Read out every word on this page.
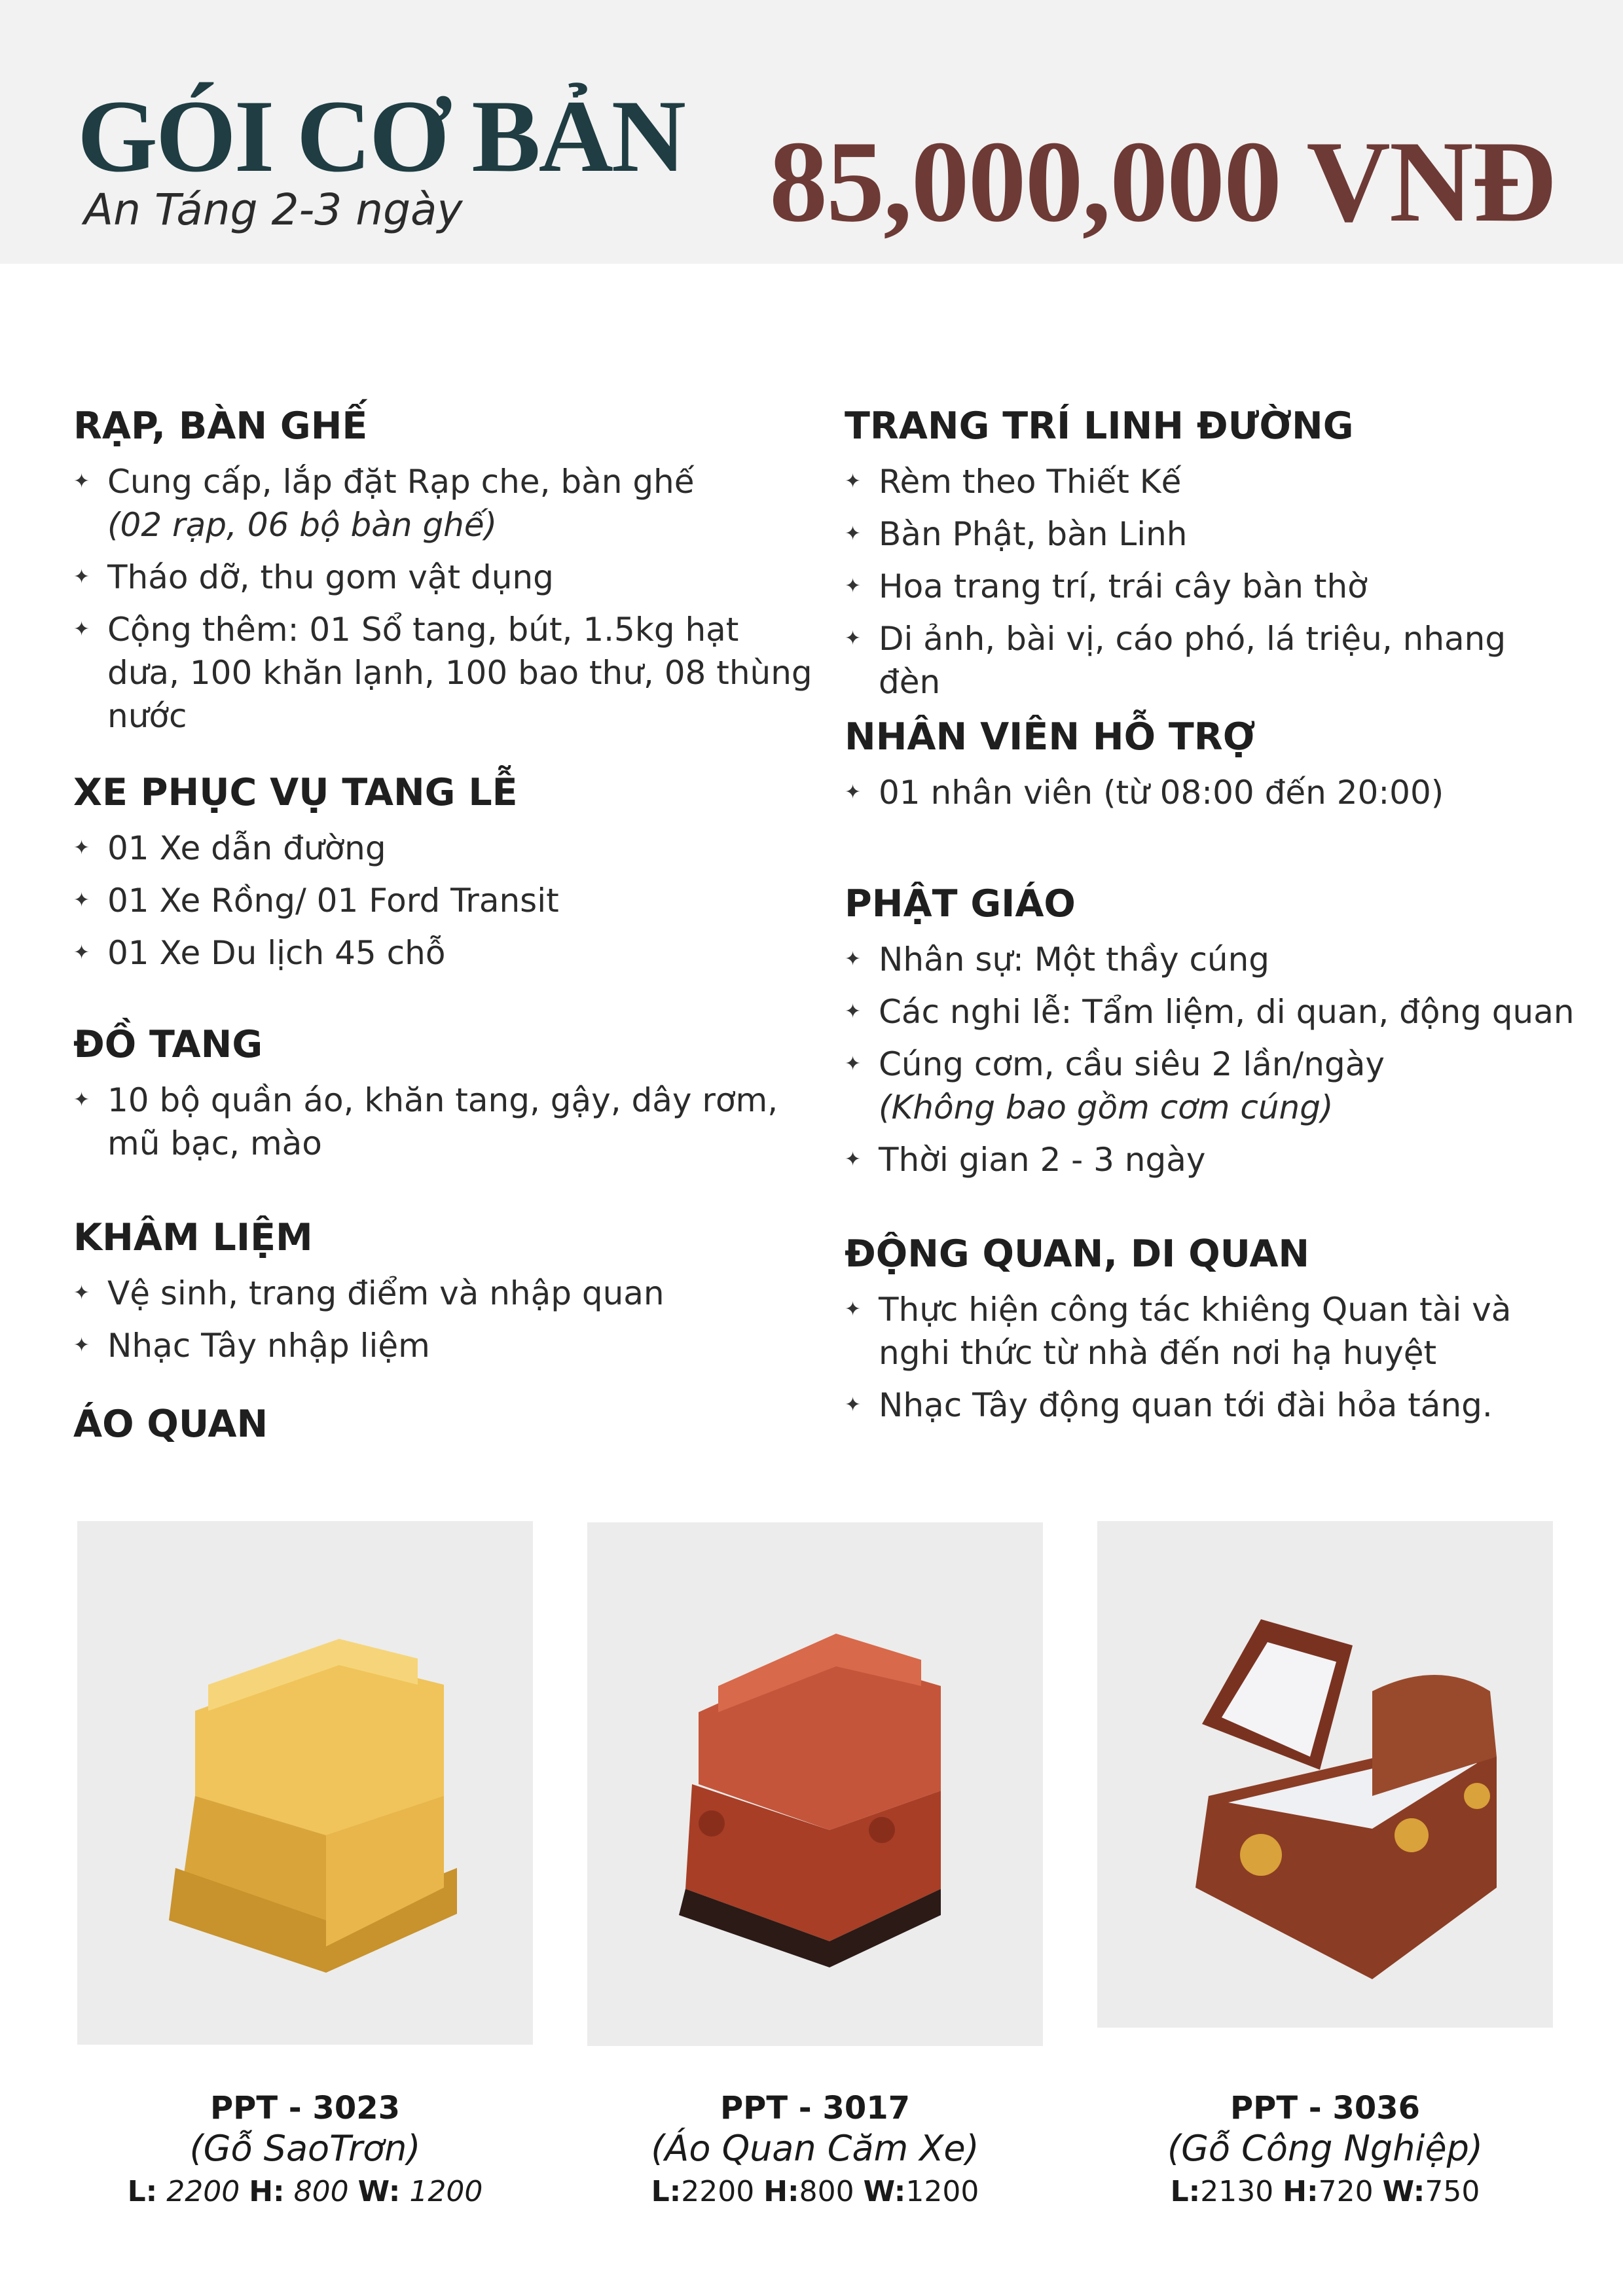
GÓI CƠ BẢN
An Táng 2-3 ngày	85,000,000 VNĐ
RẠP, BÀN GHẾ
✦ Cung cấp, lắp đặt Rạp che, bàn ghế
(02 rạp, 06 bộ bàn ghế)
✦ Tháo dỡ, thu gom vật dụng
✦ Cộng thêm: 01 Sổ tang, bút, 1.5kg hạt dưa, 100 khăn lạnh, 100 bao thư, 08 thùng nước
XE PHỤC VỤ TANG LỄ
✦ 01 Xe dẫn đường
✦ 01 Xe Rồng/ 01 Ford Transit
✦ 01 Xe Du lịch 45 chỗ
ĐỒ TANG
✦ 10 bộ quần áo, khăn tang, gậy, dây rơm, mũ bạc, mào
KHÂM LIỆM
✦ Vệ sinh, trang điểm và nhập quan
✦ Nhạc Tây nhập liệm
ÁO QUAN
TRANG TRÍ LINH ĐƯỜNG
✦ Rèm theo Thiết Kế
✦ Bàn Phật, bàn Linh
✦ Hoa trang trí, trái cây bàn thờ
✦ Di ảnh, bài vị, cáo phó, lá triệu, nhang đèn
NHÂN VIÊN HỖ TRỢ
✦ 01 nhân viên (từ 08:00 đến 20:00)
PHẬT GIÁO
✦ Nhân sự: Một thầy cúng
✦ Các nghi lễ: Tẩm liệm, di quan, động quan
✦ Cúng cơm, cầu siêu 2 lần/ngày
(Không bao gồm cơm cúng)
✦ Thời gian 2 - 3 ngày
ĐỘNG QUAN, DI QUAN
✦ Thực hiện công tác khiêng Quan tài và nghi thức từ nhà đến nơi hạ huyệt
✦ Nhạc Tây động quan tới đài hỏa táng.
PPT - 3023
(Gỗ SaoTrơn)
L: 2200 H: 800 W: 1200
PPT - 3017
(Áo Quan Căm Xe)
L:2200 H:800 W:1200
PPT - 3036
(Gỗ Công Nghiệp)
L:2130 H:720 W:750
